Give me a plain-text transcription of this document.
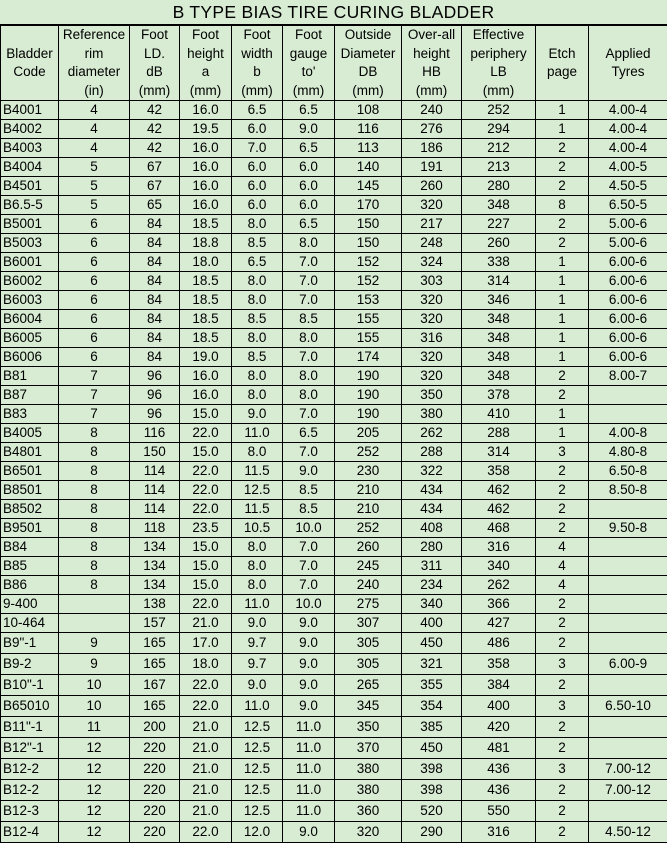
B TYPE BIAS TIRE CURING BLADDER
Bladder
Code	Reference
rim
diameter
(in)	Foot
LD.
dB
(mm)	Foot
height
a
(mm)	Foot
width
b
(mm)	Foot
gauge
to'
(mm)	Outside
Diameter
DB
(mm)	Over-all
height
HB
(mm)	Effective
periphery
LB
(mm)	Etch
page	Applied
Tyres

B4001	4	42	16.0	6.5	6.5	108	240	252	1	4.00-4
B4002	4	42	19.5	6.0	9.0	116	276	294	1	4.00-4
B4003	4	42	16.0	7.0	6.5	113	186	212	2	4.00-4
B4004	5	67	16.0	6.0	6.0	140	191	213	2	4.00-5
B4501	5	67	16.0	6.0	6.0	145	260	280	2	4.50-5
B6.5-5	5	65	16.0	6.0	6.0	170	320	348	8	6.50-5
B5001	6	84	18.5	8.0	6.5	150	217	227	2	5.00-6
B5003	6	84	18.8	8.5	8.0	150	248	260	2	5.00-6
B6001	6	84	18.0	6.5	7.0	152	324	338	1	6.00-6
B6002	6	84	18.5	8.0	7.0	152	303	314	1	6.00-6
B6003	6	84	18.5	8.0	7.0	153	320	346	1	6.00-6
B6004	6	84	18.5	8.5	8.5	155	320	348	1	6.00-6
B6005	6	84	18.5	8.0	8.0	155	316	348	1	6.00-6
B6006	6	84	19.0	8.5	7.0	174	320	348	1	6.00-6
B81	7	96	16.0	8.0	8.0	190	320	348	2	8.00-7
B87	7	96	16.0	8.0	8.0	190	350	378	2	
B83	7	96	15.0	9.0	7.0	190	380	410	1	
B4005	8	116	22.0	11.0	6.5	205	262	288	1	4.00-8
B4801	8	150	15.0	8.0	7.0	252	288	314	3	4.80-8
B6501	8	114	22.0	11.5	9.0	230	322	358	2	6.50-8
B8501	8	114	22.0	12.5	8.5	210	434	462	2	8.50-8
B8502	8	114	22.0	11.5	8.5	210	434	462	2	
B9501	8	118	23.5	10.5	10.0	252	408	468	2	9.50-8
B84	8	134	15.0	8.0	7.0	260	280	316	4	
B85	8	134	15.0	8.0	7.0	245	311	340	4	
B86	8	134	15.0	8.0	7.0	240	234	262	4	
9-400		138	22.0	11.0	10.0	275	340	366	2	
10-464		157	21.0	9.0	9.0	307	400	427	2	
B9"-1	9	165	17.0	9.7	9.0	305	450	486	2	
B9-2	9	165	18.0	9.7	9.0	305	321	358	3	6.00-9
B10"-1	10	167	22.0	9.0	9.0	265	355	384	2	
B65010	10	165	22.0	11.0	9.0	345	354	400	3	6.50-10
B11"-1	11	200	21.0	12.5	11.0	350	385	420	2	
B12"-1	12	220	21.0	12.5	11.0	370	450	481	2	
B12-2	12	220	21.0	12.5	11.0	380	398	436	3	7.00-12
B12-2	12	220	21.0	12.5	11.0	380	398	436	2	7.00-12
B12-3	12	220	21.0	12.5	11.0	360	520	550	2	
B12-4	12	220	22.0	12.0	9.0	320	290	316	2	4.50-12
